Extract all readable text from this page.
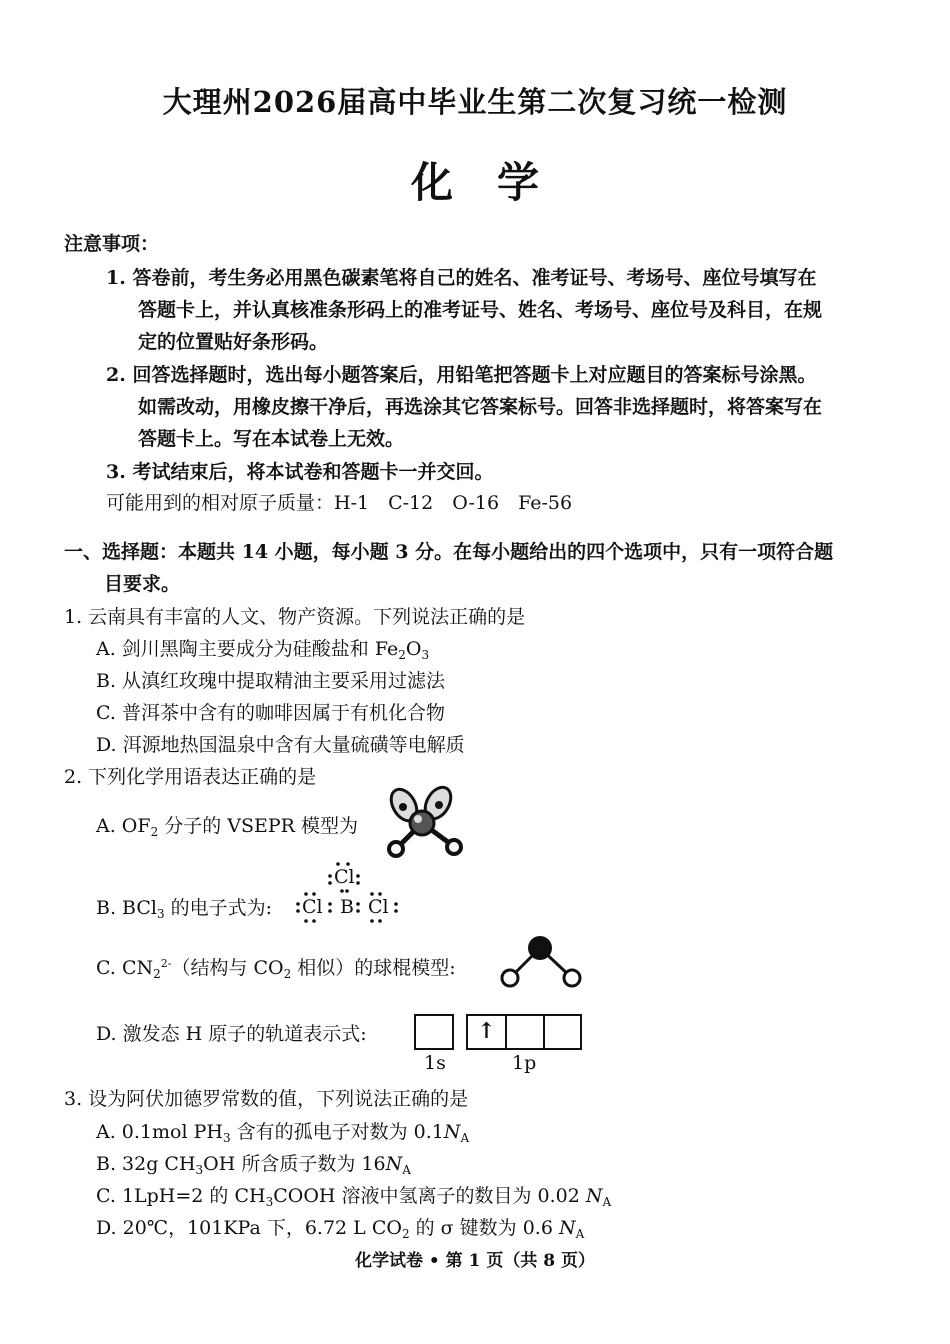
大理州2026届高中毕业生第二次复习统一检测
化 学
注意事项：
1. 答卷前，考生务必用黑色碳素笔将自己的姓名、准考证号、考场号、座位号填写在
答题卡上，并认真核准条形码上的准考证号、姓名、考场号、座位号及科目，在规
定的位置贴好条形码。
2. 回答选择题时，选出每小题答案后，用铅笔把答题卡上对应题目的答案标号涂黑。
如需改动，用橡皮擦干净后，再选涂其它答案标号。回答非选择题时，将答案写在
答题卡上。写在本试卷上无效。
3. 考试结束后，将本试卷和答题卡一并交回。
可能用到的相对原子质量：H-1　C-12　O-16　Fe-56
一、选择题：本题共 14 小题，每小题 3 分。在每小题给出的四个选项中，只有一项符合题
目要求。
1. 云南具有丰富的人文、物产资源。下列说法正确的是
A. 剑川黑陶主要成分为硅酸盐和 $Fe_2O_3$
B. 从滇红玫瑰中提取精油主要采用过滤法
C. 普洱茶中含有的咖啡因属于有机化合物
D. 洱源地热国温泉中含有大量硫磺等电解质
2. 下列化学用语表达正确的是
A. $OF_2$ 分子的 VSEPR 模型为
B. BCl$_3$ 的电子式为:
Cl
Cl B Cl
C. $CN_2^{2-}$（结构与 $CO_2$ 相似）的球棍模型:
D. 激发态 H 原子的轨道表示式:	↑
1s	1p
3. 设为阿伏加德罗常数的值，下列说法正确的是
A. 0.1mol $PH_3$ 含有的孤电子对数为 $0.1N_A$
B. 32g $CH_3OH$ 所含质子数为 $16N_A$
C. 1LpH=2 的 $CH_3COOH$ 溶液中氢离子的数目为 0.02 $N_A$
D. 20℃，101KPa 下，6.72 L $CO_2$ 的 σ 键数为 0.6 $N_A$
化学试卷 • 第 1 页（共 8 页）
